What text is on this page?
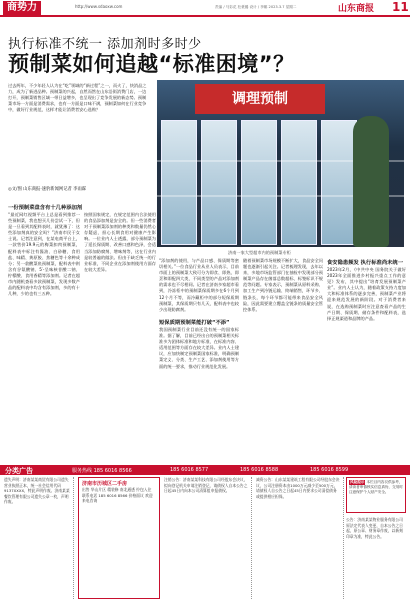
商势力	http://www.sdaoxw.com	责编 / 马彩花 杜豪璐 设计 / 李娜 2023.3.7 星期二	山东商报 11
执行标准不统一 添加剂时多时少
预制菜如何追越“标准困境”？
过去两年，不少年轻人认为在“吃”领域的“新过程”之一，而火了，快消品之力，成为了新进品种。预制菜的兴起，自然而然在山东沿街消费门店，一边打开，预制菜销售区域一带日益增多，也呈现出了竞争发展的新态势。预制菜市场一方面是消费需求，也有一方面是口味不满，预制菜如何在行业竞争中，做好行业规范，这样才能让消费者安心选购？
◎文/图 山东商报·速豹新闻网记者 李雨霖
调理预制
济南一家大型超市内的预制菜专柜
一份预制菜盘含有十几种添加剂
“最近网红视频平台上总是看到推荐一些预制菜，我也想买几份尝试一下，但是一旦看到其配料表时，就犹豫了：这些添加剂真的安全吗？”济南市民于女士说。记者注意到，在某电商平台上，一款售价19.9元的梅菜扣肉预制菜，配料表中标注有酱油、白砂糖、食用盐、味精、黄原胶、焦糖色等十余种成分；另一款酸菜鱼预制菜，配料表中则含有谷氨酸钠、5′-呈味核苷酸二钠、柠檬酸、食用香精等添加剂。记者在超市内随机查看多款预制菜，发现多数产品的配料表中均含有添加剂，多的有十几种，少的也有三五种。
按照国家规定，在规定范围内合法使用的食品添加剂是安全的。但一些消费者对于预制菜添加剂的种类和数量仍然心存疑虑，担心长期食用对健康产生影响。一位业内人士透露，部分预制菜为了延长保质期、改善口感和色泽，会适当添加防腐剂、增味剂等，这在行业内是较普遍的做法。但由于缺乏统一的行业标准，不同企业在添加剂使用方面存在较大差异。
“添加剂的使用，与产品口感、保质期等密切相关。”一位食品行业从业人员表示，目前市面上的预制菜大致可分为即食、即热、即烹和即配四大类，不同类型的产品对添加剂的需求也不尽相同。记者在济南多家超市看到，冷冻柜中的预制菜保质期多在6个月到12个月不等，而冷藏柜中的部分短保质期预制菜，其保质期只有几天，配料表中也较少出现防腐剂。
短保质期预制菜能打破“不添”
我国预制菜行业目前还没有统一的国家标准。据了解，目前已经出台的预制菜相关标准多为团体标准和地方标准，在标准内容、适用范围等方面存在较大差异。业内人士建议，应加快制定预制菜国家标准，明确预制菜定义、分类、生产工艺、添加剂使用等方面的统一要求，推动行业规范化发展。
随着预制菜市场规模不断扩大，食品安全问题也逐渐引起关注。记者梳理发现，去年以来，多地市场监管部门在抽检中发现部分预制菜产品存在菌落总数超标、标签标识不规范等问题。专家表示，预制菜从原料采购、加工生产到冷链运输、终端销售，环节多、链条长，每个环节都可能带来食品安全风险，因此需要建立覆盖全链条的质量安全管控体系。
食安隐患频发 执行标准尚未统一
2023年2月，《中共中央 国务院关于做好2023年全面推进乡村振兴重点工作的意见》发布，其中提出“培育发展预制菜产业”。业内人士认为，随着政策支持力度加大和标准体系的逐步完善，预制菜产业将迎来规范发展的新阶段。对于消费者来说，在选购预制菜时应注意查看产品的生产日期、保质期、储存条件和配料表，选择正规渠道和品牌的产品。
分类广告	服务热线 185 6016 8566	185 6016 8577	185 6016 8588	185 6016 8599
遗失声明：济南某某商贸有限公司遗失营业执照正本，统一社会信用代码9137XXXX，特此声明作废。济南某某餐饮管理有限公司遗失公章一枚，声明作废。
济南市历城区二手房
出售 华山片区 精装修 南北通透 拎包入住 联系电话 185 6016 8566 价格面议 欢迎来电咨询
注销公告：济南某某科技有限公司经股东会决议，拟向登记机关申请注销登记，请债权人自本公告之日起45日内向本公司清算组申报债权。
减资公告：山东某某建筑工程有限公司经股东会决议，公司注册资本由1000万元减少至500万元，请债权人自公告之日起45日内要求公司清偿债务或提供相应担保。
风险提示 本栏目内容仅供参考，请读者审慎核实信息真伪，交易时注意保护个人财产安全。
公告：济南某某物业服务有限公司原法定代表人变更，自本公告之日起，原公章、财务章作废，以新刻印章为准，特此公告。
